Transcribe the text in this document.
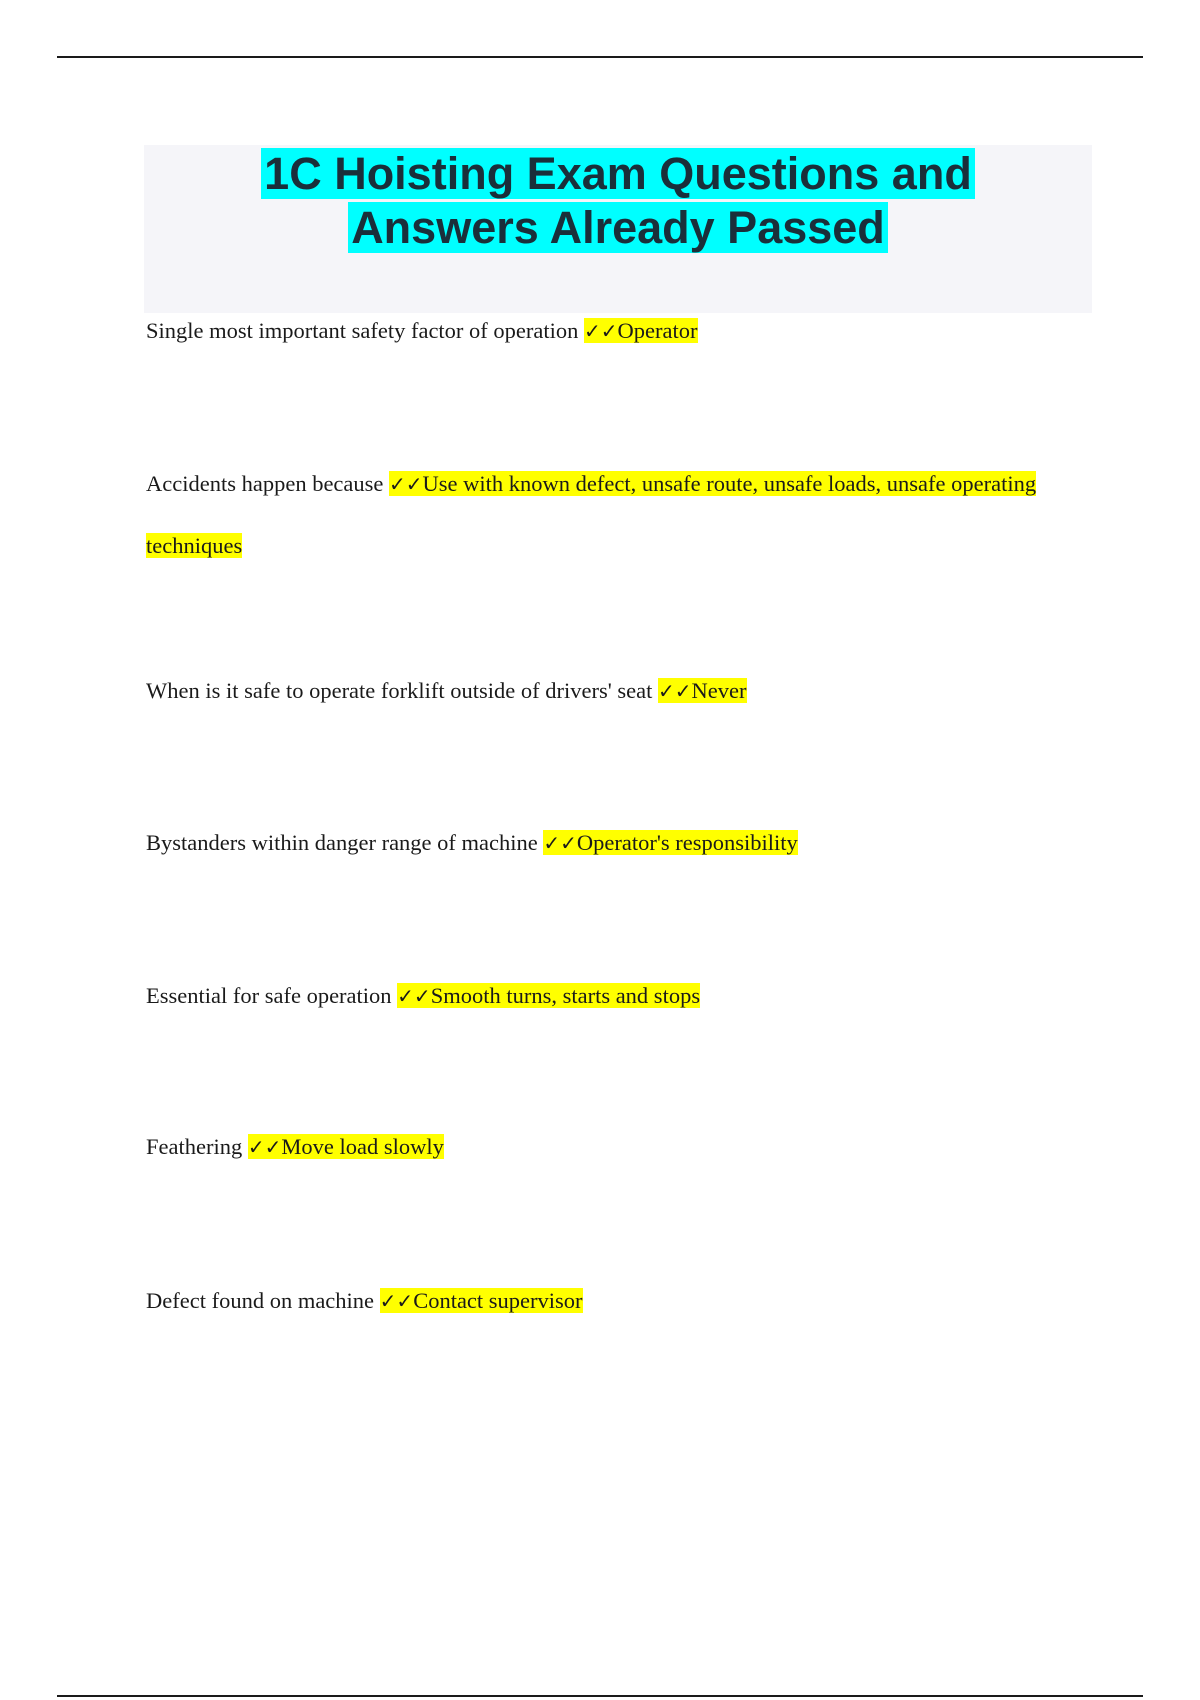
1C Hoisting Exam Questions and
Answers Already Passed

Single most important safety factor of operation ✓✓Operator

Accidents happen because ✓✓Use with known defect, unsafe route, unsafe loads, unsafe operating techniques

When is it safe to operate forklift outside of drivers' seat ✓✓Never

Bystanders within danger range of machine ✓✓Operator's responsibility

Essential for safe operation ✓✓Smooth turns, starts and stops

Feathering ✓✓Move load slowly

Defect found on machine ✓✓Contact supervisor
